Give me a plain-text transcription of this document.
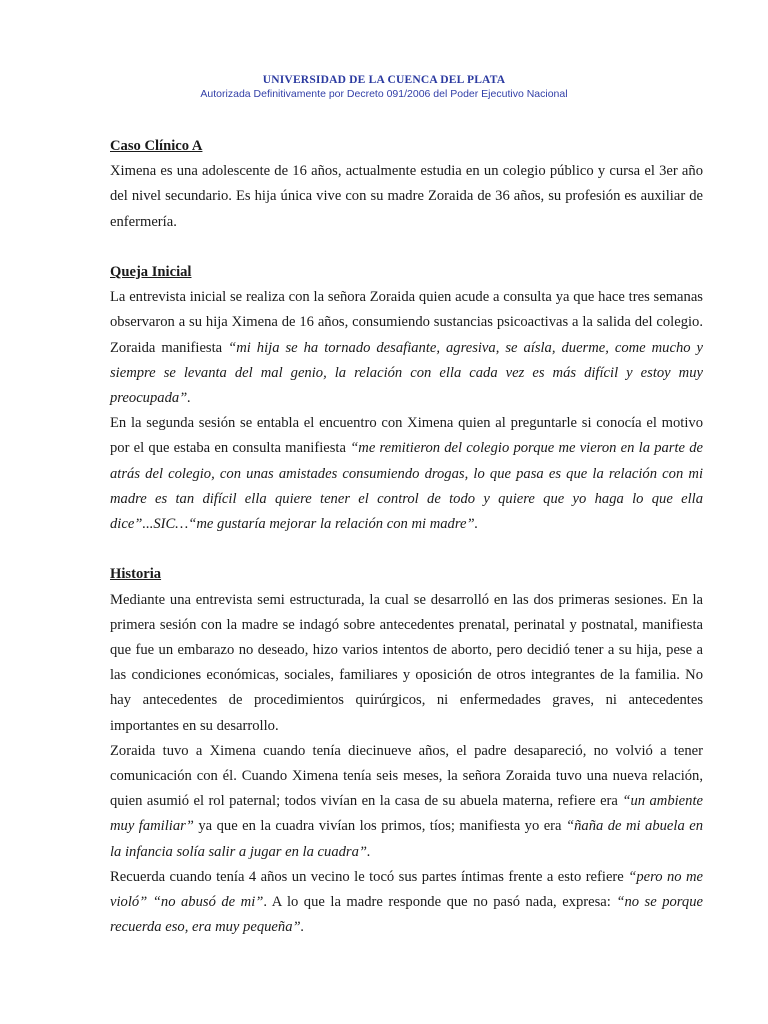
UNIVERSIDAD DE LA CUENCA DEL PLATA
Autorizada Definitivamente por Decreto 091/2006 del Poder Ejecutivo Nacional

Caso Clínico A

Ximena es una adolescente de 16 años, actualmente estudia en un colegio público y cursa el 3er año del nivel secundario. Es hija única vive con su madre Zoraida de 36 años, su profesión es auxiliar de enfermería.

Queja Inicial

La entrevista inicial se realiza con la señora Zoraida quien acude a consulta ya que hace tres semanas observaron a su hija Ximena de 16 años, consumiendo sustancias psicoactivas a la salida del colegio. Zoraida manifiesta “mi hija se ha tornado desafiante, agresiva, se aísla, duerme, come mucho y siempre se levanta del mal genio, la relación con ella cada vez es más difícil y estoy muy preocupada”.

En la segunda sesión se entabla el encuentro con Ximena quien al preguntarle si conocía el motivo por el que estaba en consulta manifiesta “me remitieron del colegio porque me vieron en la parte de atrás del colegio, con unas amistades consumiendo drogas, lo que pasa es que la relación con mi madre es tan difícil ella quiere tener el control de todo y quiere que yo haga lo que ella dice”...SIC…“me gustaría mejorar la relación con mi madre”.

Historia

Mediante una entrevista semi estructurada, la cual se desarrolló en las dos primeras sesiones. En la primera sesión con la madre se indagó sobre antecedentes prenatal, perinatal y postnatal, manifiesta que fue un embarazo no deseado, hizo varios intentos de aborto, pero decidió tener a su hija, pese a las condiciones económicas, sociales, familiares y oposición de otros integrantes de la familia. No hay antecedentes de procedimientos quirúrgicos, ni enfermedades graves, ni antecedentes importantes en su desarrollo.

Zoraida tuvo a Ximena cuando tenía diecinueve años, el padre desapareció, no volvió a tener comunicación con él. Cuando Ximena tenía seis meses, la señora Zoraida tuvo una nueva relación, quien asumió el rol paternal; todos vivían en la casa de su abuela materna, refiere era “un ambiente muy familiar” ya que en la cuadra vivían los primos, tíos; manifiesta yo era “ñaña de mi abuela en la infancia solía salir a jugar en la cuadra”.

Recuerda cuando tenía 4 años un vecino le tocó sus partes íntimas frente a esto refiere “pero no me violó” “no abusó de mi”. A lo que la madre responde que no pasó nada, expresa: “no se porque recuerda eso, era muy pequeña”.
